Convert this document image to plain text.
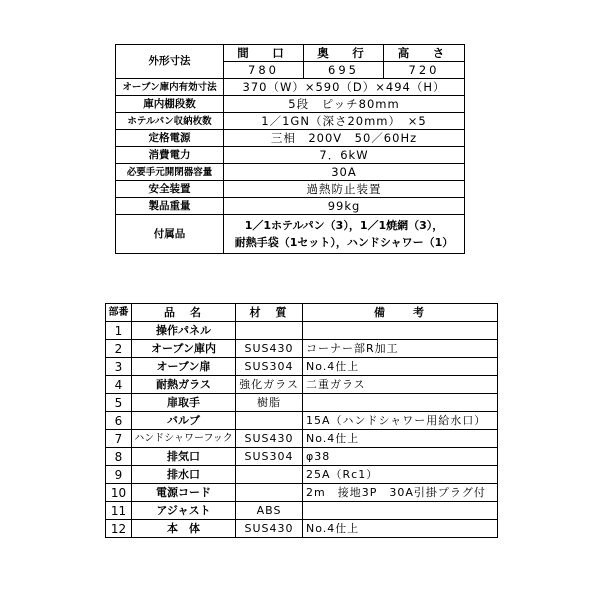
外形寸法	間　口	奥　行	高　さ
	780	695	720
オーブン庫内有効寸法	370（W）×590（D）×494（H）		
庫内棚段数	5段　ピッチ80mm		
ホテルパン収納枚数	1／1GN（深さ20mm）　×5		
定格電源	三相　200V　50／60Hz		
消費電力	7．6kW		
必要手元開閉器容量	30A		
安全装置	過熱防止装置		
製品重量	99kg		
付属品	1／1ホテルパン（3），1／1焼網（3），
耐熱手袋（1セット），ハンドシャワー（1）		
部番	品　名	材　質	備　　考
1	操作パネル		
2	オーブン庫内	SUS430	コーナー部R加工
3	オーブン扉	SUS304	No.4仕上
4	耐熱ガラス	強化ガラス	二重ガラス
5	扉取手	樹脂	
6	バルブ		15A（ハンドシャワー用給水口）
7	ハンドシャワーフック	SUS430	No.4仕上
8	排気口	SUS304	φ38
9	排水口		25A（Rc1）
10	電源コード		2m　接地3P　30A引掛プラグ付
11	アジャスト	ABS	
12	本　体	SUS430	No.4仕上
